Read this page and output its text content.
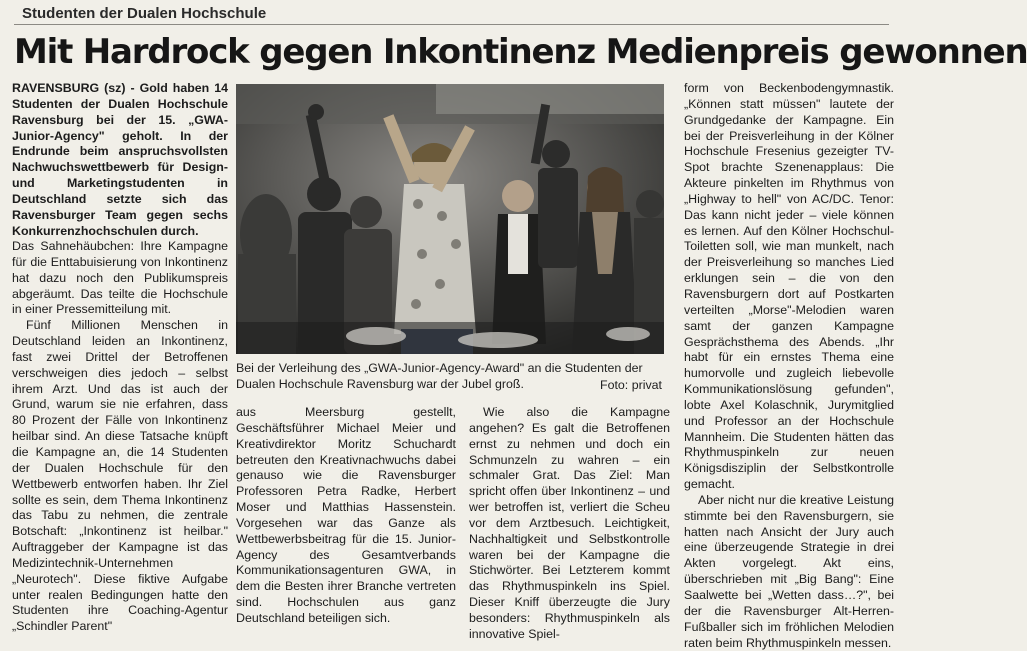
Studenten der Dualen Hochschule
Mit Hardrock gegen Inkontinenz Medienpreis gewonnen

RAVENSBURG (sz) - Gold haben 14 Studenten der Dualen Hochschule Ravensburg bei der 15. „GWA-Junior-Agency" geholt. In der Endrunde beim anspruchsvollsten Nachwuchswettbewerb für Design- und Marketingstudenten in Deutschland setzte sich das Ravensburger Team gegen sechs Konkurrenzhochschulen durch.

Das Sahnehäubchen: Ihre Kampagne für die Enttabuisierung von Inkontinenz hat dazu noch den Publikumspreis abgeräumt. Das teilte die Hochschule in einer Pressemitteilung mit.

Fünf Millionen Menschen in Deutschland leiden an Inkontinenz, fast zwei Drittel der Betroffenen verschweigen dies jedoch – selbst ihrem Arzt. Und das ist auch der Grund, warum sie nie erfahren, dass 80 Prozent der Fälle von Inkontinenz heilbar sind. An diese Tatsache knüpft die Kampagne an, die 14 Studenten der Dualen Hochschule für den Wettbewerb entworfen haben. Ihr Ziel sollte es sein, dem Thema Inkontinenz das Tabu zu nehmen, die zentrale Botschaft: „Inkontinenz ist heilbar." Auftraggeber der Kampagne ist das Medizintechnik-Unternehmen „Neurotech". Diese fiktive Aufgabe unter realen Bedingungen hatte den Studenten ihre Coaching-Agentur „Schindler Parent"

Bei der Verleihung des „GWA-Junior-Agency-Award" an die Studenten der Dualen Hochschule Ravensburg war der Jubel groß.	Foto: privat

aus Meersburg gestellt, Geschäftsführer Michael Meier und Kreativdirektor Moritz Schuchardt betreuten den Kreativnachwuchs dabei genauso wie die Ravensburger Professoren Petra Radke, Herbert Moser und Matthias Hassenstein. Vorgesehen war das Ganze als Wettbewerbsbeitrag für die 15. Junior-Agency des Gesamtverbands Kommunikationsagenturen GWA, in dem die Besten ihrer Branche vertreten sind. Hochschulen aus ganz Deutschland beteiligen sich.

Wie also die Kampagne angehen? Es galt die Betroffenen ernst zu nehmen und doch ein Schmunzeln zu wahren – ein schmaler Grat. Das Ziel: Man spricht offen über Inkontinenz – und wer betroffen ist, verliert die Scheu vor dem Arztbesuch. Leichtigkeit, Nachhaltigkeit und Selbstkontrolle waren bei der Kampagne die Stichwörter. Bei Letzterem kommt das Rhythmuspinkeln ins Spiel. Dieser Kniff überzeugte die Jury besonders: Rhythmuspinkeln als innovative Spiel-

form von Beckenbodengymnastik. „Können statt müssen" lautete der Grundgedanke der Kampagne. Ein bei der Preisverleihung in der Kölner Hochschule Fresenius gezeigter TV-Spot brachte Szenenapplaus: Die Akteure pinkelten im Rhythmus von „Highway to hell" von AC/DC. Tenor: Das kann nicht jeder – viele können es lernen. Auf den Kölner Hochschul-Toiletten soll, wie man munkelt, nach der Preisverleihung so manches Lied erklungen sein – die von den Ravensburgern dort auf Postkarten verteilten „Morse"-Melodien waren samt der ganzen Kampagne Gesprächsthema des Abends. „Ihr habt für ein ernstes Thema eine humorvolle und zugleich liebevolle Kommunikationslösung gefunden", lobte Axel Kolaschnik, Jurymitglied und Professor an der Hochschule Mannheim. Die Studenten hätten das Rhythmuspinkeln zur neuen Königsdisziplin der Selbstkontrolle gemacht.

Aber nicht nur die kreative Leistung stimmte bei den Ravensburgern, sie hatten nach Ansicht der Jury auch eine überzeugende Strategie in drei Akten vorgelegt. Akt eins, überschrieben mit „Big Bang": Eine Saalwette bei „Wetten dass…?", bei der die Ravensburger Alt-Herren-Fußballer sich im fröhlichen Melodien raten beim Rhythmuspinkeln messen.
